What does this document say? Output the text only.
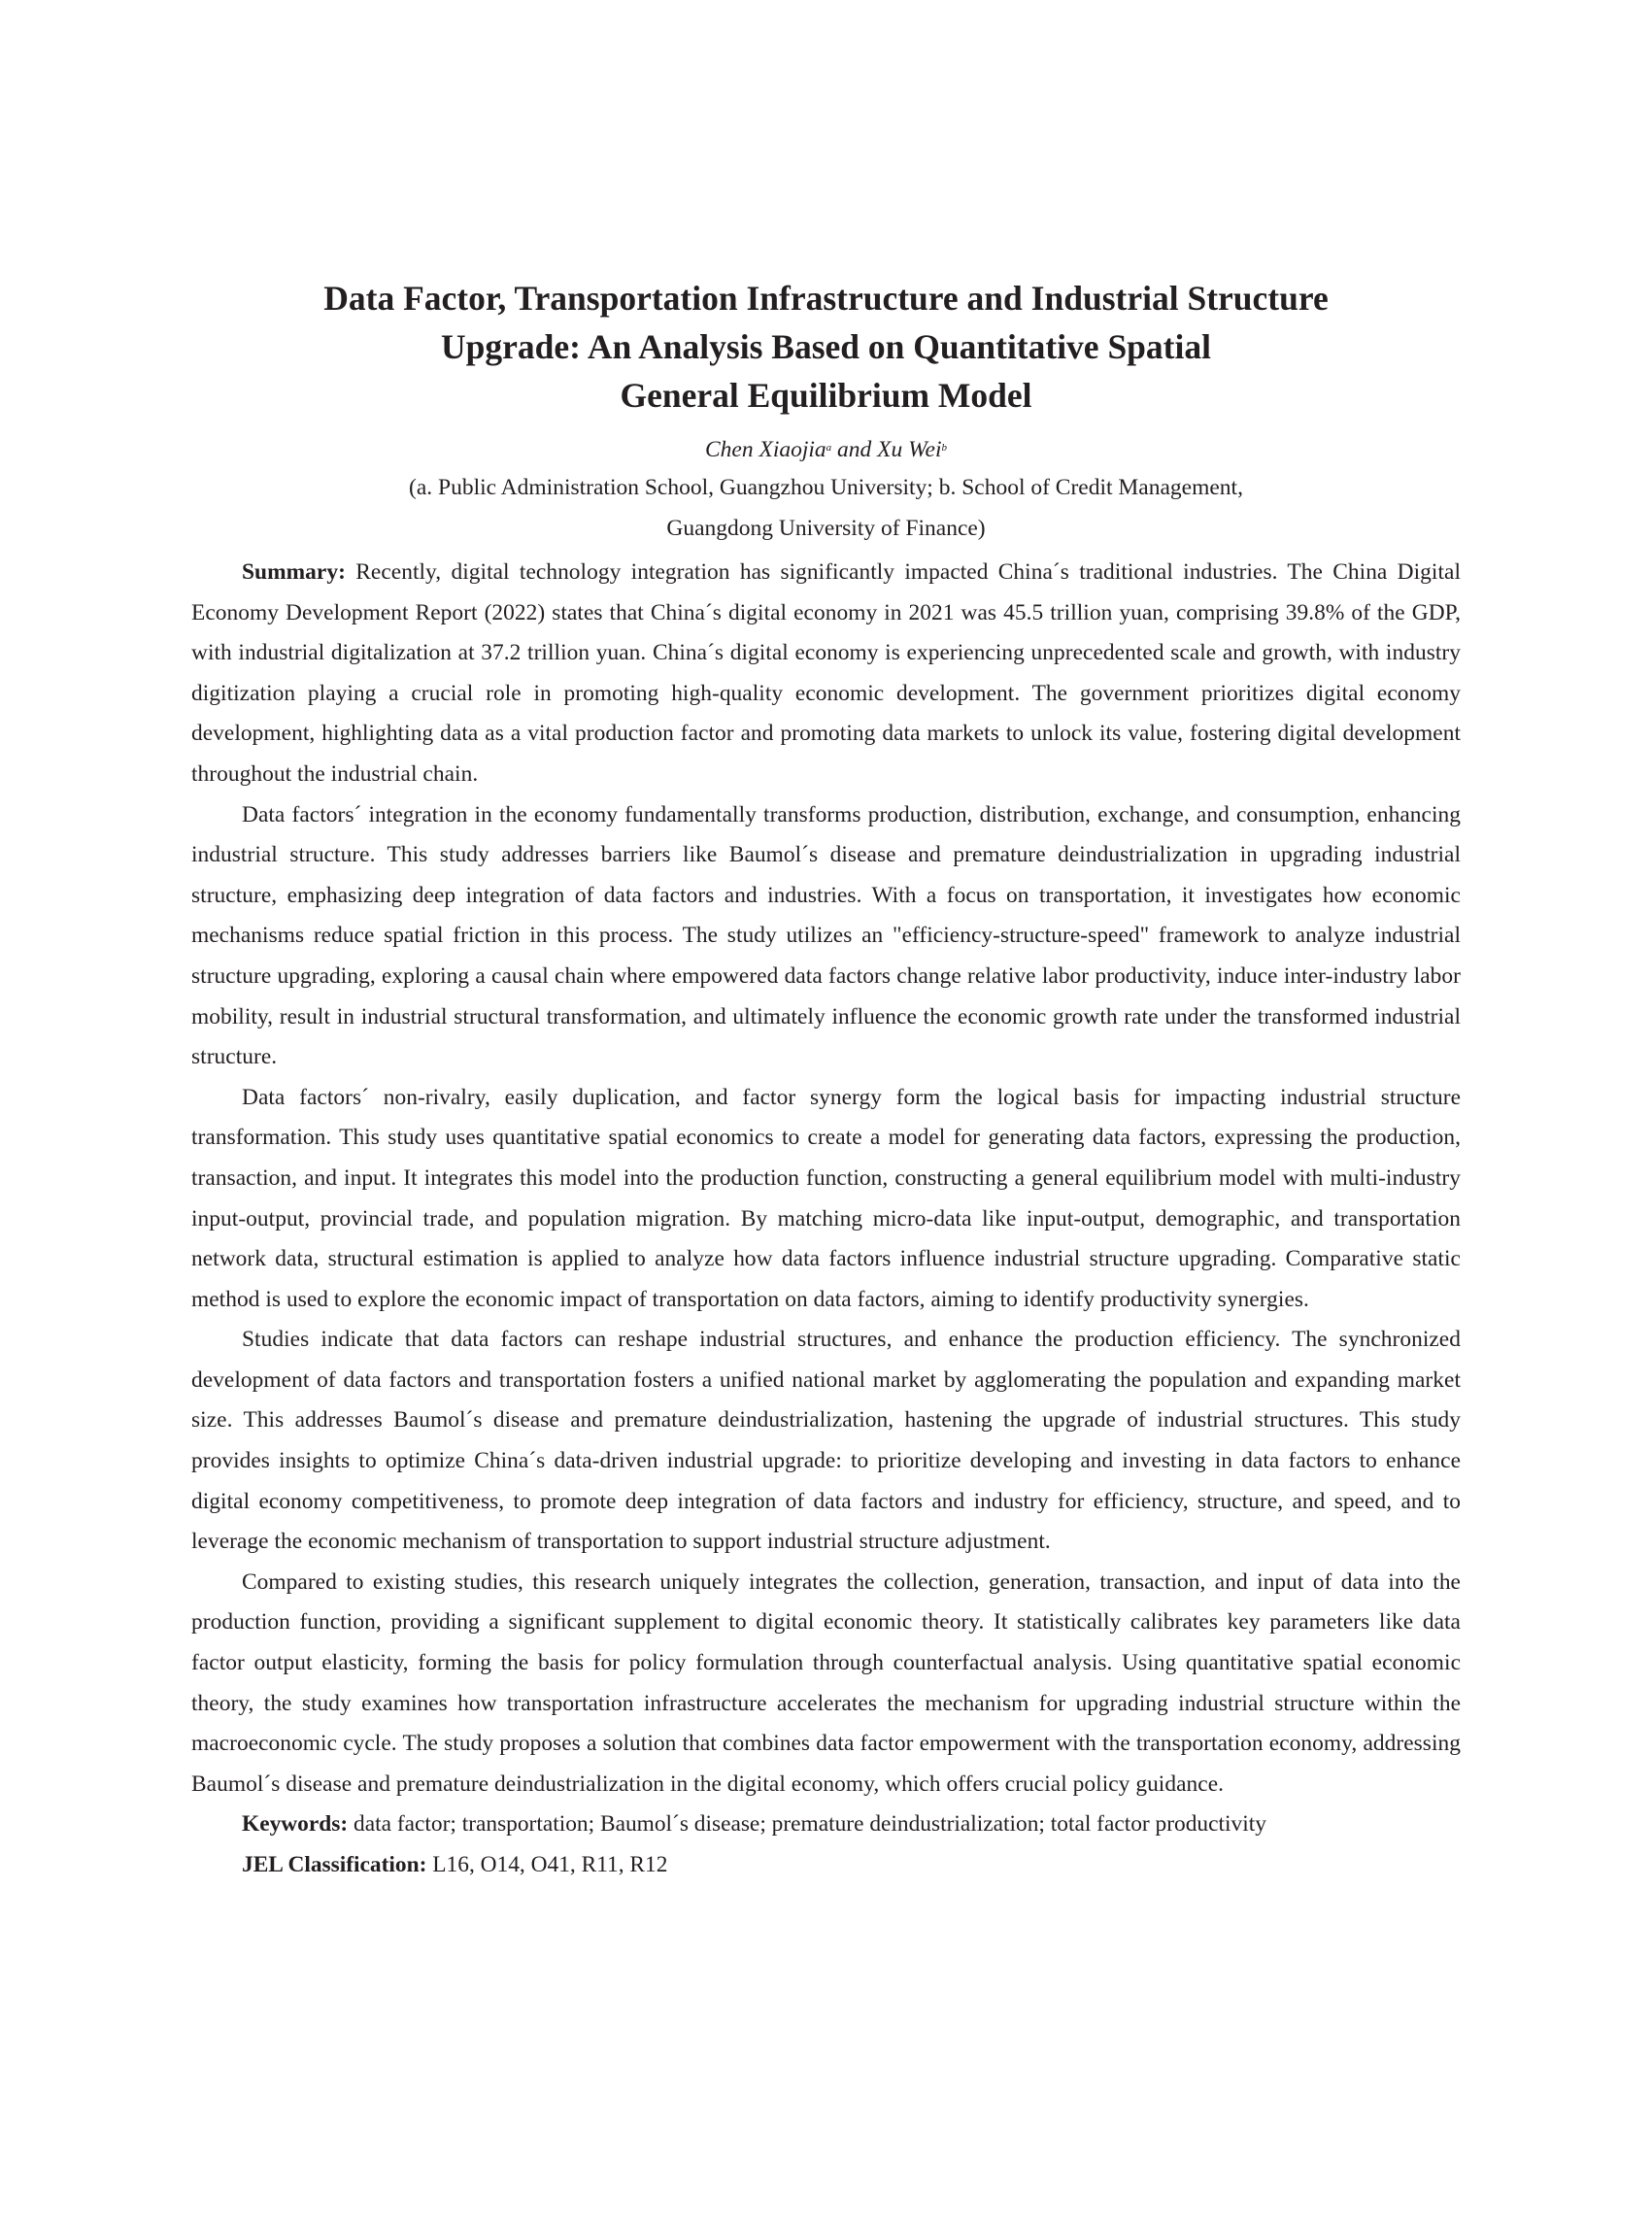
Data Factor, Transportation Infrastructure and Industrial Structure
Upgrade: An Analysis Based on Quantitative Spatial
General Equilibrium Model
Chen Xiaojia$^a$ and Xu Wei$^b$
(a. Public Administration School, Guangzhou University; b. School of Credit Management,
Guangdong University of Finance)

Summary: Recently, digital technology integration has significantly impacted China´s traditional industries. The China Digital Economy Development Report (2022) states that China´s digital economy in 2021 was 45.5 trillion yuan, comprising 39.8% of the GDP, with industrial digitalization at 37.2 trillion yuan. China´s digital economy is experiencing unprecedented scale and growth, with industry digitization playing a crucial role in promoting high-quality economic development. The government prioritizes digital economy development, highlighting data as a vital production factor and promoting data markets to unlock its value, fostering digital development throughout the industrial chain.

Data factors´ integration in the economy fundamentally transforms production, distribution, exchange, and consumption, enhancing industrial structure. This study addresses barriers like Baumol´s disease and premature deindustrialization in upgrading industrial structure, emphasizing deep integration of data factors and industries. With a focus on transportation, it investigates how economic mechanisms reduce spatial friction in this process. The study utilizes an "efficiency-structure-speed" framework to analyze industrial structure upgrading, exploring a causal chain where empowered data factors change relative labor productivity, induce inter-industry labor mobility, result in industrial structural transformation, and ultimately influence the economic growth rate under the transformed industrial structure.

Data factors´ non-rivalry, easily duplication, and factor synergy form the logical basis for impacting industrial structure transformation. This study uses quantitative spatial economics to create a model for generating data factors, expressing the production, transaction, and input. It integrates this model into the production function, constructing a general equilibrium model with multi-industry input-output, provincial trade, and population migration. By matching micro-data like input-output, demographic, and transportation network data, structural estimation is applied to analyze how data factors influence industrial structure upgrading. Comparative static method is used to explore the economic impact of transportation on data factors, aiming to identify productivity synergies.

Studies indicate that data factors can reshape industrial structures, and enhance the production efficiency. The synchronized development of data factors and transportation fosters a unified national market by agglomerating the population and expanding market size. This addresses Baumol´s disease and premature deindustrialization, hastening the upgrade of industrial structures. This study provides insights to optimize China´s data-driven industrial upgrade: to prioritize developing and investing in data factors to enhance digital economy competitiveness, to promote deep integration of data factors and industry for efficiency, structure, and speed, and to leverage the economic mechanism of transportation to support industrial structure adjustment.

Compared to existing studies, this research uniquely integrates the collection, generation, transaction, and input of data into the production function, providing a significant supplement to digital economic theory. It statistically calibrates key parameters like data factor output elasticity, forming the basis for policy formulation through counterfactual analysis. Using quantitative spatial economic theory, the study examines how transportation infrastructure accelerates the mechanism for upgrading industrial structure within the macroeconomic cycle. The study proposes a solution that combines data factor empowerment with the transportation economy, addressing Baumol´s disease and premature deindustrialization in the digital economy, which offers crucial policy guidance.

Keywords: data factor; transportation; Baumol´s disease; premature deindustrialization; total factor productivity

JEL Classification: L16, O14, O41, R11, R12
